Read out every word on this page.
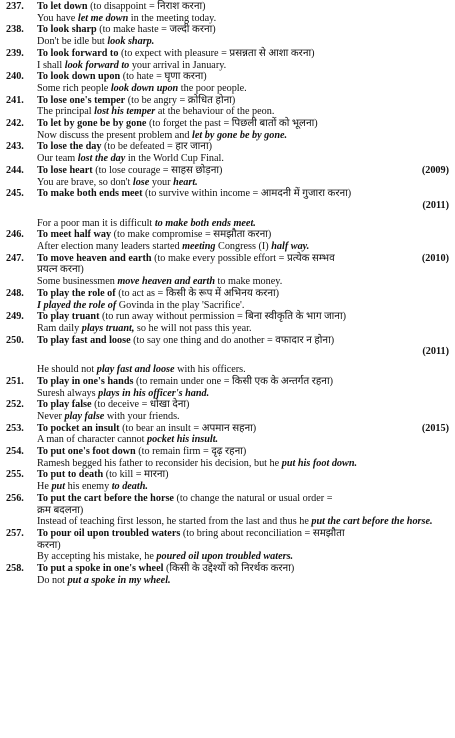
237.	To let down (to disappoint = निराश करना)
You have let me down in the meeting today.
238.	To look sharp (to make haste = जल्दी करना)
Don't be idle but look sharp.
239.	To look forward to (to expect with pleasure = प्रसन्नता से आशा करना)
I shall look forward to your arrival in January.
240.	To look down upon (to hate = घृणा करना)
Some rich people look down upon the poor people.
241.	To lose one's temper (to be angry = क्रोधित होना)
The principal lost his temper at the behaviour of the peon.
242.	To let by gone be by gone (to forget the past = पिछली बातों को भूलना)
Now discuss the present problem and let by gone be by gone.
243.	To lose the day (to be defeated = हार जाना)
Our team lost the day in the World Cup Final.
244.	To lose heart (to lose courage = साहस छोड़ना)	(2009)
You are brave, so don't lose your heart.
245.	To make both ends meet (to survive within income = आमदनी में गुजारा करना)
(2011)
For a poor man it is difficult to make both ends meet.
246.	To meet half way (to make compromise = समझौता करना)
After election many leaders started meeting Congress (I) half way.
247.	To move heaven and earth (to make every possible effort = प्रत्येक सम्भव	(2010)
प्रयत्न करना)
Some businessmen move heaven and earth to make money.
248.	To play the role of (to act as = किसी के रूप में अभिनय करना)
I played the role of Govinda in the play 'Sacrifice'.
249.	To play truant (to run away without permission = बिना स्वीकृति के भाग जाना)
Ram daily plays truant, so he will not pass this year.
250.	To play fast and loose (to say one thing and do another = वफादार न होना)
(2011)
He should not play fast and loose with his officers.
251.	To play in one's hands (to remain under one = किसी एक के अन्तर्गत रहना)
Suresh always plays in his officer's hand.
252.	To play false (to deceive = धोखा देना)
Never play false with your friends.
253.	To pocket an insult (to bear an insult = अपमान सहना)	(2015)
A man of character cannot pocket his insult.
254.	To put one's foot down (to remain firm = दृढ़ रहना)
Ramesh begged his father to reconsider his decision, but he put his foot down.
255.	To put to death (to kill = मारना)
He put his enemy to death.
256.	To put the cart before the horse (to change the natural or usual order =
क्रम बदलना)
Instead of teaching first lesson, he started from the last and thus he put the cart before the horse.
257.	To pour oil upon troubled waters (to bring about reconciliation = समझौता
करना)
By accepting his mistake, he poured oil upon troubled waters.
258.	To put a spoke in one's wheel (किसी के उद्देश्यों को निरर्थक करना)
Do not put a spoke in my wheel.
